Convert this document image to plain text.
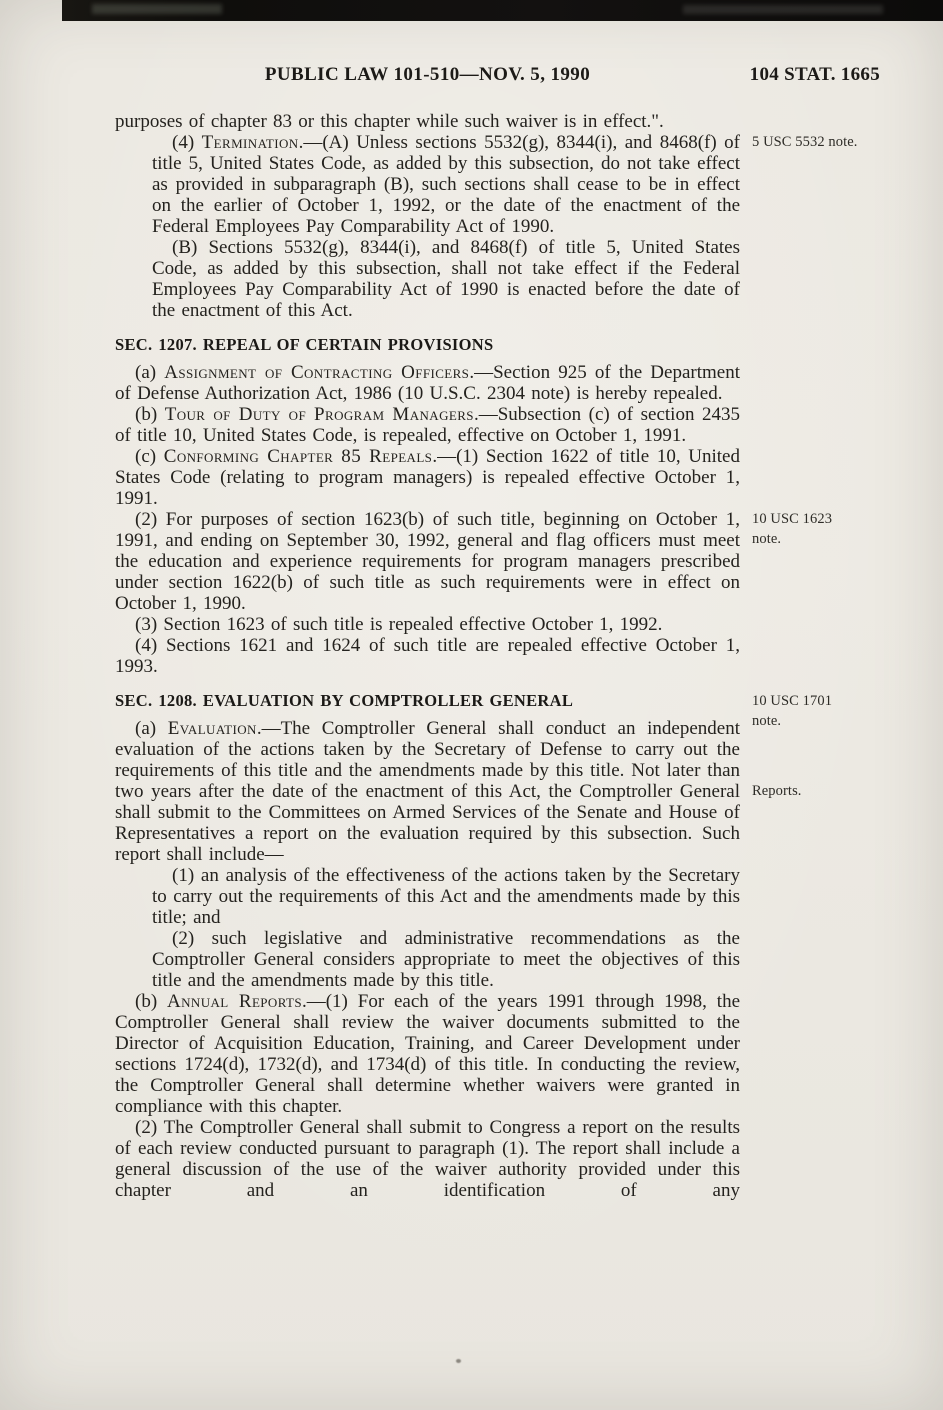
PUBLIC LAW 101-510—NOV. 5, 1990	104 STAT. 1665

purposes of chapter 83 or this chapter while such waiver is in effect.".

(4) Termination.—(A) Unless sections 5532(g), 8344(i), and 8468(f) of title 5, United States Code, as added by this subsection, do not take effect as provided in subparagraph (B), such sections shall cease to be in effect on the earlier of October 1, 1992, or the date of the enactment of the Federal Employees Pay Comparability Act of 1990.
5 USC 5532 note.

(B) Sections 5532(g), 8344(i), and 8468(f) of title 5, United States Code, as added by this subsection, shall not take effect if the Federal Employees Pay Comparability Act of 1990 is enacted before the date of the enactment of this Act.

SEC. 1207. REPEAL OF CERTAIN PROVISIONS

(a) Assignment of Contracting Officers.—Section 925 of the Department of Defense Authorization Act, 1986 (10 U.S.C. 2304 note) is hereby repealed.

(b) Tour of Duty of Program Managers.—Subsection (c) of section 2435 of title 10, United States Code, is repealed, effective on October 1, 1991.

(c) Conforming Chapter 85 Repeals.—(1) Section 1622 of title 10, United States Code (relating to program managers) is repealed effective October 1, 1991.

(2) For purposes of section 1623(b) of such title, beginning on October 1, 1991, and ending on September 30, 1992, general and flag officers must meet the education and experience requirements for program managers prescribed under section 1622(b) of such title as such requirements were in effect on October 1, 1990.
10 USC 1623 note.

(3) Section 1623 of such title is repealed effective October 1, 1992.

(4) Sections 1621 and 1624 of such title are repealed effective October 1, 1993.

SEC. 1208. EVALUATION BY COMPTROLLER GENERAL	10 USC 1701 note.

(a) Evaluation.—The Comptroller General shall conduct an independent evaluation of the actions taken by the Secretary of Defense to carry out the requirements of this title and the amendments made by this title. Not later than two years after the date of the enactment of this Act, the Comptroller General shall submit to the Committees on Armed Services of the Senate and House of Representatives a report on the evaluation required by this subsection. Such report shall include—
Reports.

(1) an analysis of the effectiveness of the actions taken by the Secretary to carry out the requirements of this Act and the amendments made by this title; and

(2) such legislative and administrative recommendations as the Comptroller General considers appropriate to meet the objectives of this title and the amendments made by this title.

(b) Annual Reports.—(1) For each of the years 1991 through 1998, the Comptroller General shall review the waiver documents submitted to the Director of Acquisition Education, Training, and Career Development under sections 1724(d), 1732(d), and 1734(d) of this title. In conducting the review, the Comptroller General shall determine whether waivers were granted in compliance with this chapter.

(2) The Comptroller General shall submit to Congress a report on the results of each review conducted pursuant to paragraph (1). The report shall include a general discussion of the use of the waiver authority provided under this chapter and an identification of any
